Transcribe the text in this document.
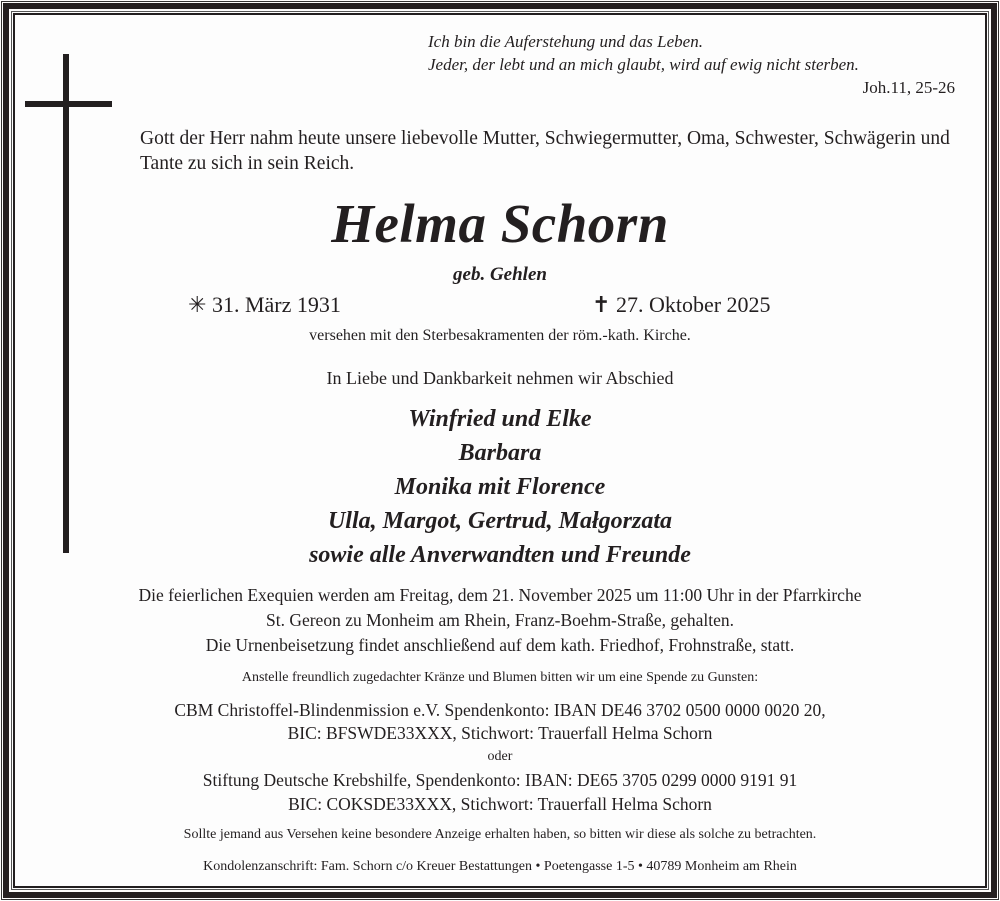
Ich bin die Auferstehung und das Leben.
Jeder, der lebt und an mich glaubt, wird auf ewig nicht sterben.
Joh.11, 25-26
Gott der Herr nahm heute unsere liebevolle Mutter, Schwiegermutter, Oma, Schwester, Schwägerin und Tante zu sich in sein Reich.
Helma Schorn
geb. Gehlen
✳ 31. März 1931	✝ 27. Oktober 2025
versehen mit den Sterbesakramenten der röm.-kath. Kirche.
In Liebe und Dankbarkeit nehmen wir Abschied
Winfried und Elke
Barbara
Monika mit Florence
Ulla, Margot, Gertrud, Małgorzata
sowie alle Anverwandten und Freunde
Die feierlichen Exequien werden am Freitag, dem 21. November 2025 um 11:00 Uhr in der Pfarrkirche
St. Gereon zu Monheim am Rhein, Franz-Boehm-Straße, gehalten.
Die Urnenbeisetzung findet anschließend auf dem kath. Friedhof, Frohnstraße, statt.
Anstelle freundlich zugedachter Kränze und Blumen bitten wir um eine Spende zu Gunsten:
CBM Christoffel-Blindenmission e.V. Spendenkonto: IBAN DE46 3702 0500 0000 0020 20,
BIC: BFSWDE33XXX, Stichwort: Trauerfall Helma Schorn
oder
Stiftung Deutsche Krebshilfe, Spendenkonto: IBAN: DE65 3705 0299 0000 9191 91
BIC: COKSDE33XXX, Stichwort: Trauerfall Helma Schorn
Sollte jemand aus Versehen keine besondere Anzeige erhalten haben, so bitten wir diese als solche zu betrachten.
Kondolenzanschrift: Fam. Schorn c/o Kreuer Bestattungen • Poetengasse 1-5 • 40789 Monheim am Rhein
